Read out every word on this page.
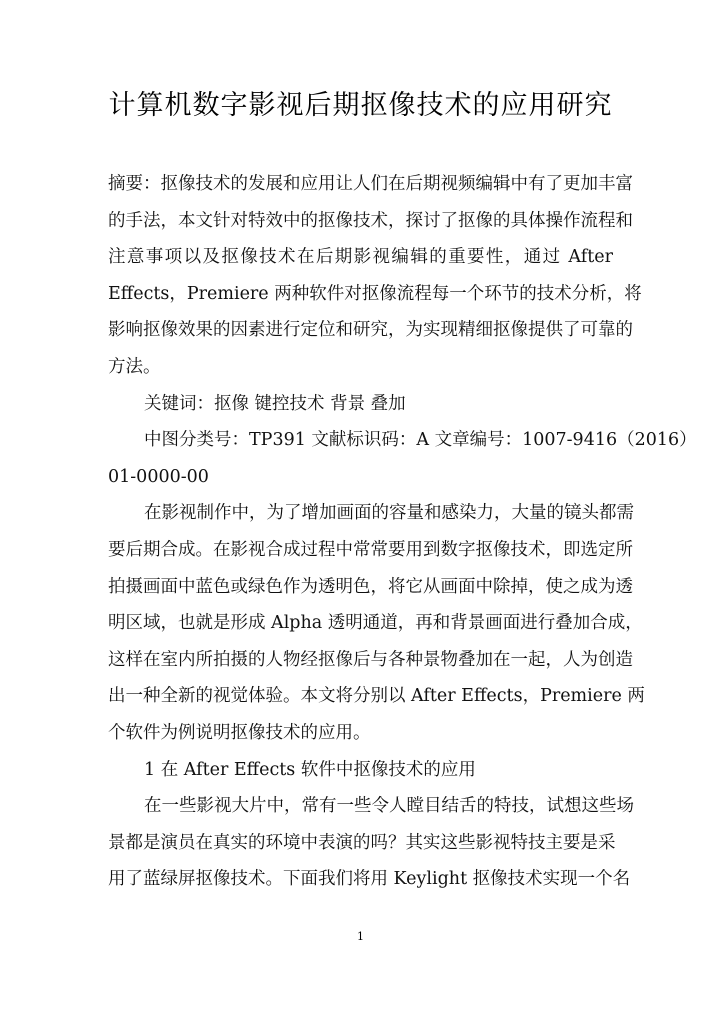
计算机数字影视后期抠像技术的应用研究
摘要：抠像技术的发展和应用让人们在后期视频编辑中有了更加丰富
的手法，本文针对特效中的抠像技术，探讨了抠像的具体操作流程和
注意事项以及抠像技术在后期影视编辑的重要性，通过 After
Effects，Premiere 两种软件对抠像流程每一个环节的技术分析，将
影响抠像效果的因素进行定位和研究，为实现精细抠像提供了可靠的
方法。
关键词：抠像 键控技术 背景 叠加
中图分类号：TP391 文献标识码：A 文章编号：1007-9416（2016）
01-0000-00
在影视制作中，为了增加画面的容量和感染力，大量的镜头都需
要后期合成。在影视合成过程中常常要用到数字抠像技术，即选定所
拍摄画面中蓝色或绿色作为透明色，将它从画面中除掉，使之成为透
明区域，也就是形成 Alpha 透明通道，再和背景画面进行叠加合成，
这样在室内所拍摄的人物经抠像后与各种景物叠加在一起，人为创造
出一种全新的视觉体验。本文将分别以 After Effects，Premiere 两
个软件为例说明抠像技术的应用。
1 在 After Effects 软件中抠像技术的应用
在一些影视大片中，常有一些令人瞠目结舌的特技，试想这些场
景都是演员在真实的环境中表演的吗？其实这些影视特技主要是采
用了蓝绿屏抠像技术。下面我们将用 Keylight 抠像技术实现一个名
1
